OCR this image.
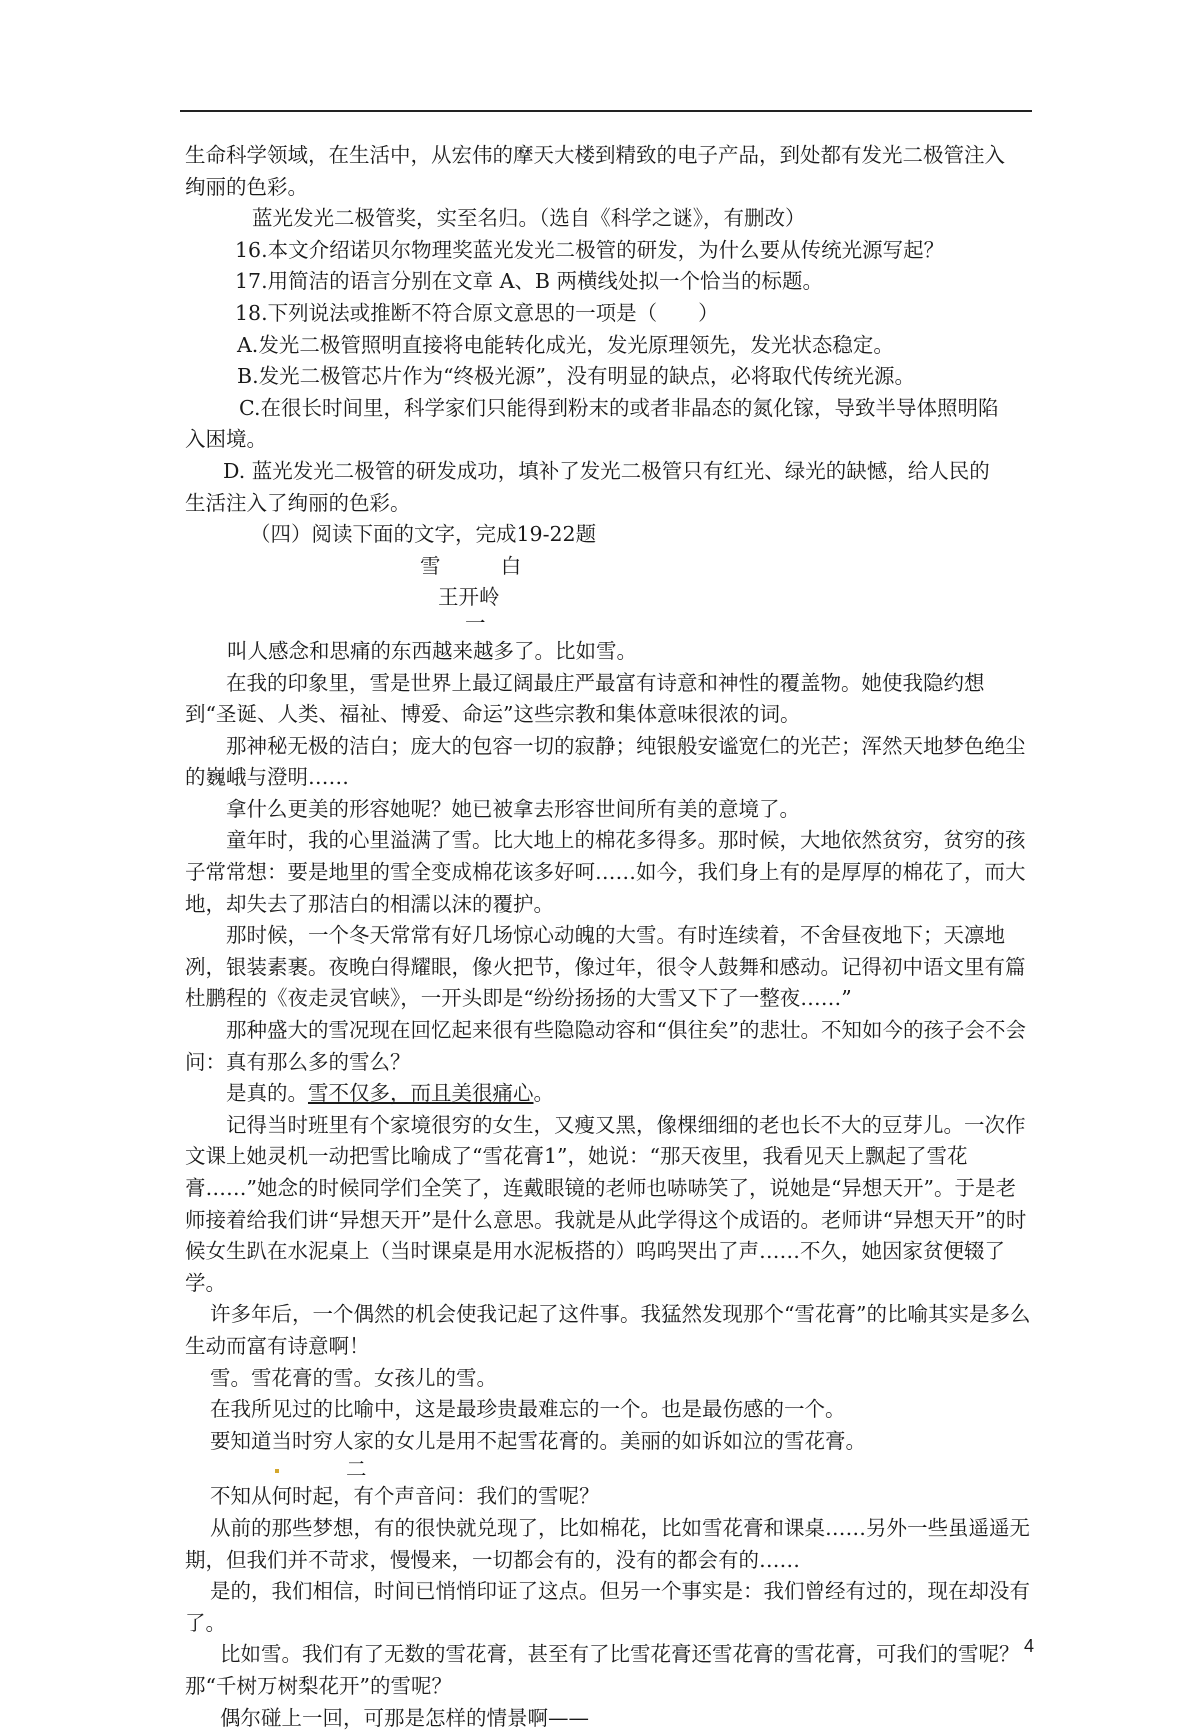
生命科学领域，在生活中，从宏伟的摩天大楼到精致的电子产品，到处都有发光二极管注入

绚丽的色彩。

蓝光发光二极管奖，实至名归。（选自《科学之谜》，有删改）

16.本文介绍诺贝尔物理奖蓝光发光二极管的研发，为什么要从传统光源写起？

17.用简洁的语言分别在文章 A、B 两横线处拟一个恰当的标题。

18.下列说法或推断不符合原文意思的一项是（　　）

A.发光二极管照明直接将电能转化成光，发光原理领先，发光状态稳定。

B.发光二极管芯片作为“终极光源”，没有明显的缺点，必将取代传统光源。

C.在很长时间里，科学家们只能得到粉末的或者非晶态的氮化镓，导致半导体照明陷

入困境。

D. 蓝光发光二极管的研发成功，填补了发光二极管只有红光、绿光的缺憾，给人民的

生活注入了绚丽的色彩。

（四）阅读下面的文字，完成19-22题

雪 白

王开岭

一

叫人感念和思痛的东西越来越多了。比如雪。

在我的印象里，雪是世界上最辽阔最庄严最富有诗意和神性的覆盖物。她使我隐约想到“圣诞、人类、福祉、博爱、命运”这些宗教和集体意味很浓的词。

那神秘无极的洁白；庞大的包容一切的寂静；纯银般安谧宽仁的光芒；浑然天地梦色绝尘的巍峨与澄明……

拿什么更美的形容她呢？她已被拿去形容世间所有美的意境了。

童年时，我的心里溢满了雪。比大地上的棉花多得多。那时候，大地依然贫穷，贫穷的孩子常常想：要是地里的雪全变成棉花该多好呵……如今，我们身上有的是厚厚的棉花了，而大地，却失去了那洁白的相濡以沫的覆护。

那时候，一个冬天常常有好几场惊心动魄的大雪。有时连续着，不舍昼夜地下；天凛地冽，银装素裹。夜晚白得耀眼，像火把节，像过年，很令人鼓舞和感动。记得初中语文里有篇杜鹏程的《夜走灵官峡》，一开头即是“纷纷扬扬的大雪又下了一整夜……”

那种盛大的雪况现在回忆起来很有些隐隐动容和“俱往矣”的悲壮。不知如今的孩子会不会问：真有那么多的雪么？

是真的。雪不仅多，而且美很痛心。

记得当时班里有个家境很穷的女生，又瘦又黑，像棵细细的老也长不大的豆芽儿。一次作文课上她灵机一动把雪比喻成了“雪花膏1”，她说：“那天夜里，我看见天上飘起了雪花膏……”她念的时候同学们全笑了，连戴眼镜的老师也哧哧笑了，说她是“异想天开”。于是老师接着给我们讲“异想天开”是什么意思。我就是从此学得这个成语的。老师讲“异想天开”的时候女生趴在水泥桌上（当时课桌是用水泥板搭的）呜呜哭出了声……不久，她因家贫便辍了学。

许多年后，一个偶然的机会使我记起了这件事。我猛然发现那个“雪花膏”的比喻其实是多么生动而富有诗意啊！

雪。雪花膏的雪。女孩儿的雪。

在我所见过的比喻中，这是最珍贵最难忘的一个。也是最伤感的一个。

要知道当时穷人家的女儿是用不起雪花膏的。美丽的如诉如泣的雪花膏。

二

不知从何时起，有个声音问：我们的雪呢？

从前的那些梦想，有的很快就兑现了，比如棉花，比如雪花膏和课桌……另外一些虽遥遥无期，但我们并不苛求，慢慢来，一切都会有的，没有的都会有的……

是的，我们相信，时间已悄悄印证了这点。但另一个事实是：我们曾经有过的，现在却没有了。

比如雪。我们有了无数的雪花膏，甚至有了比雪花膏还雪花膏的雪花膏，可我们的雪呢？那“千树万树梨花开”的雪呢？

偶尔碰上一回，可那是怎样的情景啊——

4
